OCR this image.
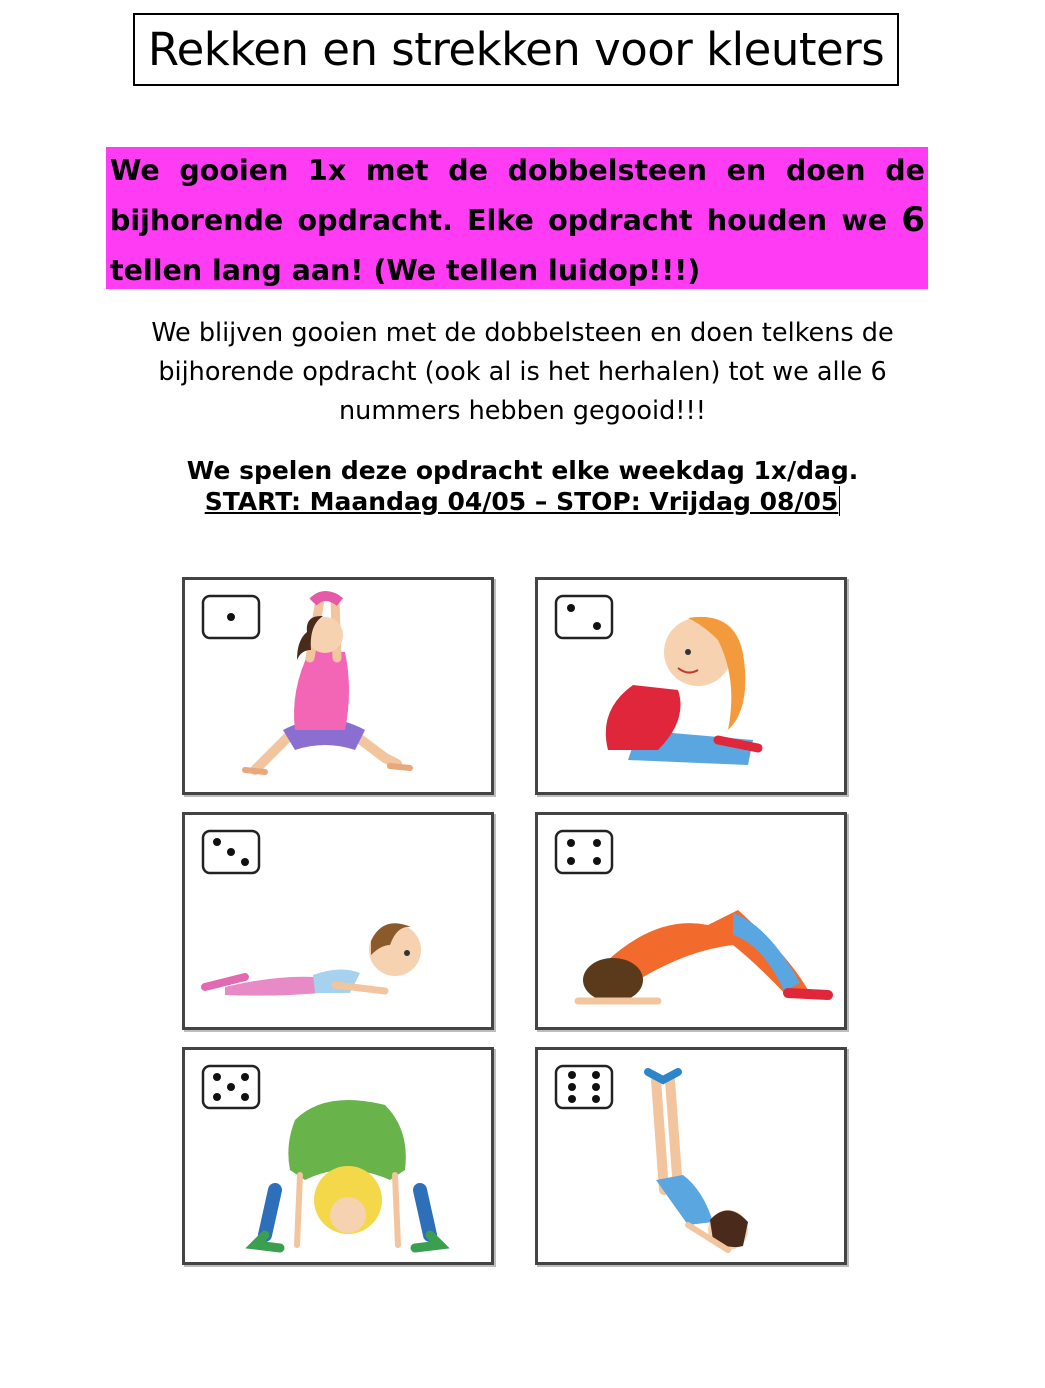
Rekken en strekken voor kleuters
We gooien 1x met de dobbelsteen en doen de
bijhorende opdracht. Elke opdracht houden we 6
tellen lang aan! (We tellen luidop!!!)
We blijven gooien met de dobbelsteen en doen telkens de
bijhorende opdracht (ook al is het herhalen) tot we alle 6
nummers hebben gegooid!!!
We spelen deze opdracht elke weekdag 1x/dag.
START: Maandag 04/05 – STOP: Vrijdag 08/05
